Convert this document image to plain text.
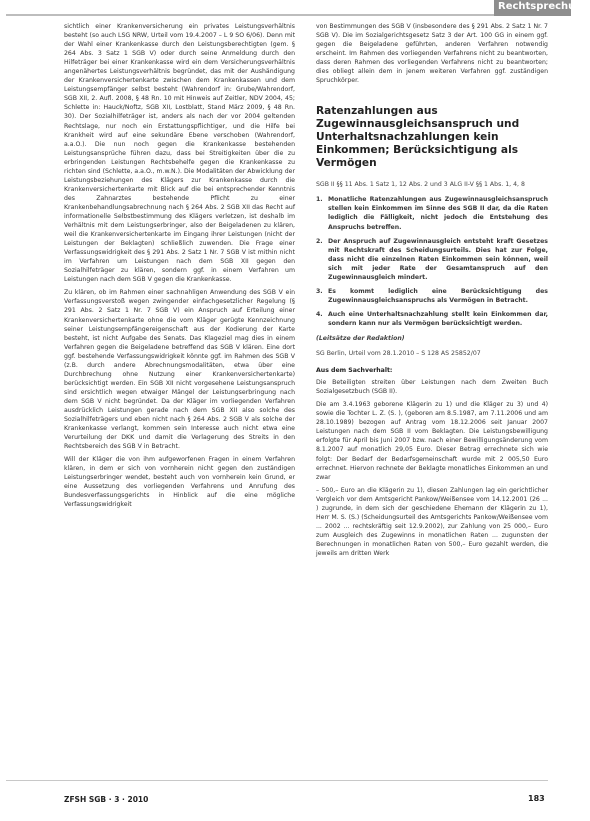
Rechtsprechung

sichtlich einer Krankenversicherung ein privates Leistungsverhältnis besteht (so auch LSG NRW, Urteil vom 19.4.2007 – L 9 SO 6/06). Denn mit der Wahl einer Krankenkasse durch den Leistungsberechtigten (gem. § 264 Abs. 3 Satz 1 SGB V) oder durch seine Anmeldung durch den Hilfeträger bei einer Krankenkasse wird ein dem Versicherungsverhältnis angenähertes Leistungsverhältnis begründet, das mit der Aushändigung der Krankenversichertenkarte zwischen dem Krankenkassen und dem Leistungsempfänger selbst besteht (Wahrendorf in: Grube/Wahrendorf, SGB XII, 2. Aufl. 2008, § 48 Rn. 10 mit Hinweis auf Zeitler, NDV 2004, 45; Schlette in: Hauck/Noftz, SGB XII, Lostblatt, Stand März 2009, § 48 Rn. 30). Der Sozialhilfeträger ist, anders als nach der vor 2004 geltenden Rechtslage, nur noch ein Erstattungspflichtiger, und die Hilfe bei Krankheit wird auf eine sekundäre Ebene verschoben (Wahrendorf, a.a.O.). Die nun noch gegen die Krankenkasse bestehenden Leistungsansprüche führen dazu, dass bei Streitigkeiten über die zu erbringenden Leistungen Rechtsbehelfe gegen die Krankenkasse zu richten sind (Schlette, a.a.O., m.w.N.). Die Modalitäten der Abwicklung der Leistungsbeziehungen des Klägers zur Krankenkasse durch die Krankenversichertenkarte mit Blick auf die bei entsprechender Kenntnis des Zahnarztes bestehende Pflicht zu einer Krankenbehandlungsabrechnung nach § 264 Abs. 2 SGB XII das Recht auf informationelle Selbstbestimmung des Klägers verletzen, ist deshalb im Verhältnis mit dem Leistungserbringer, also der Beigeladenen zu klären, weil die Krankenversichertenkarte im Eingang ihrer Leistungen (nicht der Leistungen der Beklagten) schließlich zuwenden. Die Frage einer Verfassungswidrigkeit des § 291 Abs. 2 Satz 1 Nr. 7 SGB V ist mithin nicht im Verfahren um Leistungen nach dem SGB XII gegen den Sozialhilfeträger zu klären, sondern ggf. in einem Verfahren um Leistungen nach dem SGB V gegen die Krankenkasse.

Zu klären, ob im Rahmen einer sachnahligen Anwendung des SGB V ein Verfassungsverstoß wegen zwingender einfachgesetzlicher Regelung (§ 291 Abs. 2 Satz 1 Nr. 7 SGB V) ein Anspruch auf Erteilung einer Krankenversichertenkarte ohne die vom Kläger gerügte Kennzeichnung seiner Leistungsempfängereigenschaft aus der Kodierung der Karte besteht, ist nicht Aufgabe des Senats. Das Klageziel mag dies in einem Verfahren gegen die Beigeladene betreffend das SGB V klären. Eine dort ggf. bestehende Verfassungswidrigkeit könnte ggf. im Rahmen des SGB V (z.B. durch andere Abrechnungsmodalitäten, etwa über eine Durchbrechung ohne Nutzung einer Krankenversichertenkarte) berücksichtigt werden. Ein SGB XII nicht vorgesehene Leistungsanspruch sind ersichtlich wegen etwaiger Mängel der Leistungserbringung nach dem SGB V nicht begründet. Da der Kläger im vorliegenden Verfahren ausdrücklich Leistungen gerade nach dem SGB XII also solche des Sozialhilfeträgers und eben nicht nach § 264 Abs. 2 SGB V als solche der Krankenkasse verlangt, kommen sein Interesse auch nicht etwa eine Verurteilung der DKK und damit die Verlagerung des Streits in den Rechtsbereich des SGB V in Betracht.

Will der Kläger die von ihm aufgeworfenen Fragen in einem Verfahren klären, in dem er sich von vornherein nicht gegen den zuständigen Leistungserbringer wendet, besteht auch von vornherein kein Grund, er eine Aussetzung des vorliegenden Verfahrens und Anrufung des Bundesverfassungsgerichts in Hinblick auf die eine mögliche Verfassungswidrigkeit

von Bestimmungen des SGB V (insbesondere des § 291 Abs. 2 Satz 1 Nr. 7 SGB V). Die im Sozialgerichtsgesetz Satz 3 der Art. 100 GG in einem ggf. gegen die Beigeladene geführten, anderen Verfahren notwendig erscheint. Im Rahmen des vorliegenden Verfahrens nicht zu beantworten, dass deren Rahmen des vorliegenden Verfahrens nicht zu beantworten; dies obliegt allein dem in jenem weiteren Verfahren ggf. zuständigen Spruchkörper.

Ratenzahlungen aus Zugewinnausgleichsanspruch und Unterhaltsnachzahlungen kein Einkommen; Berücksichtigung als Vermögen
SGB II §§ 11 Abs. 1 Satz 1, 12 Abs. 2 und 3 ALG II-V §§ 1 Abs. 1, 4, 8
1. Monatliche Ratenzahlungen aus Zugewinnausgleichsanspruch stellen kein Einkommen im Sinne des SGB II dar, da die Raten lediglich die Fälligkeit, nicht jedoch die Entstehung des Anspruchs betreffen.
2. Der Anspruch auf Zugewinnausgleich entsteht kraft Gesetzes mit Rechtskraft des Scheidungsurteils. Dies hat zur Folge, dass nicht die einzelnen Raten Einkommen sein können, weil sich mit jeder Rate der Gesamtanspruch auf den Zugewinnausgleich mindert.
3. Es kommt lediglich eine Berücksichtigung des Zugewinnausgleichsanspruchs als Vermögen in Betracht.
4. Auch eine Unterhaltsnachzahlung stellt kein Einkommen dar, sondern kann nur als Vermögen berücksichtigt werden.
(Leitsätze der Redaktion)
SG Berlin, Urteil vom 28.1.2010 – S 128 AS 25852/07
Aus dem Sachverhalt:

Die Beteiligten streiten über Leistungen nach dem Zweiten Buch Sozialgesetzbuch (SGB II).

Die am 3.4.1963 geborene Klägerin zu 1) und die Kläger zu 3) und 4) sowie die Tochter L. Z. (S. ), (geboren am 8.5.1987, am 7.11.2006 und am 28.10.1989) bezogen auf Antrag vom 18.12.2006 seit Januar 2007 Leistungen nach dem SGB II vom Beklagten. Die Leistungsbewilligung erfolgte für April bis Juni 2007 bzw. nach einer Bewilligungsänderung vom 8.1.2007 auf monatlich 29,05 Euro. Dieser Betrag errechnete sich wie folgt: Der Bedarf der Bedarfsgemeinschaft wurde mit 2 005,50 Euro errechnet. Hiervon rechnete der Beklagte monatliches Einkommen an und zwar

– 500,– Euro an die Klägerin zu 1), diesen Zahlungen lag ein gerichtlicher Vergleich vor dem Amtsgericht Pankow/Weißensee vom 14.12.2001 (26 ... ) zugrunde, in dem sich der geschiedene Ehemann der Klägerin zu 1), Herr M. S. (S.) (Scheidungsurteil des Amtsgerichts Pankow/Weißensee vom ... 2002 ... rechtskräftig seit 12.9.2002), zur Zahlung von 25 000,– Euro zum Ausgleich des Zugewinns in monatlichen Raten ... zugunsten der Berechnungen in monatlichen Raten von 500,– Euro gezahlt werden, die jeweils am dritten Werk

ZFSH SGB · 3 · 2010	183
